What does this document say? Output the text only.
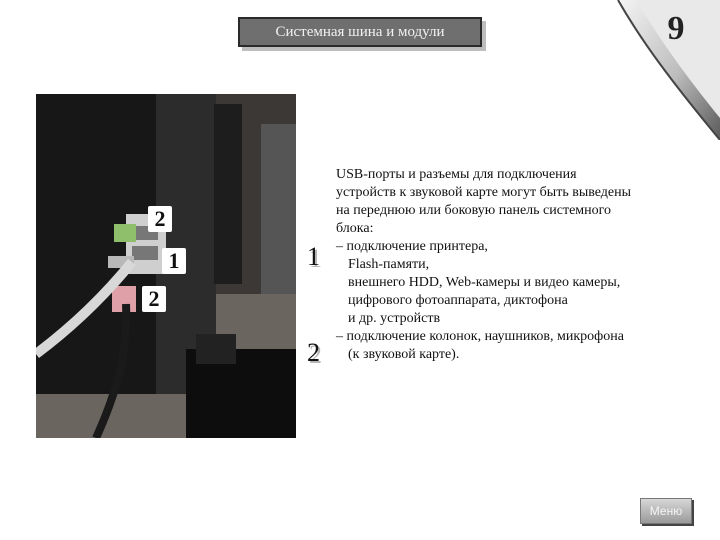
Системная шина и модули	9
2
1
2
1
2
USB-порты и разъемы для подключения
устройств к звуковой карте могут быть выведены
на переднюю или боковую панель системного
блока:
– подключение принтера,
Flash-памяти,
внешнего HDD, Web-камеры и видео камеры,
цифрового фотоаппарата, диктофона
и др. устройств
– подключение колонок, наушников, микрофона
(к звуковой карте).
Меню
